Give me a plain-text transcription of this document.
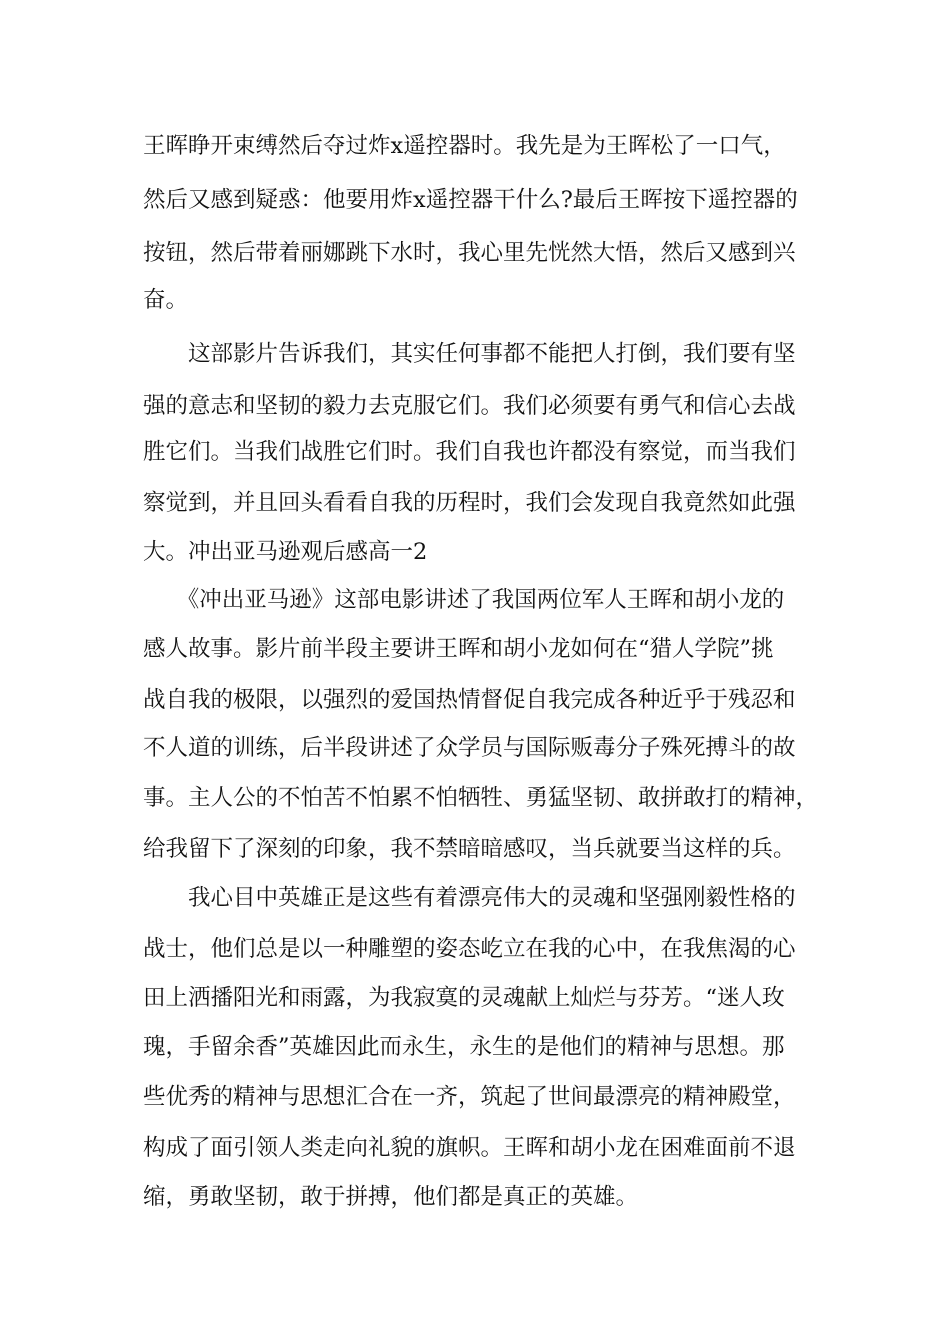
王晖睁开束缚然后夺过炸x遥控器时。我先是为王晖松了一口气，
然后又感到疑惑：他要用炸x遥控器干什么?最后王晖按下遥控器的
按钮，然后带着丽娜跳下水时，我心里先恍然大悟，然后又感到兴
奋。
　　这部影片告诉我们，其实任何事都不能把人打倒，我们要有坚
强的意志和坚韧的毅力去克服它们。我们必须要有勇气和信心去战
胜它们。当我们战胜它们时。我们自我也许都没有察觉，而当我们
察觉到，并且回头看看自我的历程时，我们会发现自我竟然如此强
大。冲出亚马逊观后感高一2
　　《冲出亚马逊》这部电影讲述了我国两位军人王晖和胡小龙的
感人故事。影片前半段主要讲王晖和胡小龙如何在“猎人学院”挑
战自我的极限，以强烈的爱国热情督促自我完成各种近乎于残忍和
不人道的训练，后半段讲述了众学员与国际贩毒分子殊死搏斗的故
事。主人公的不怕苦不怕累不怕牺牲、勇猛坚韧、敢拼敢打的精神，
给我留下了深刻的印象，我不禁暗暗感叹，当兵就要当这样的兵。
　　我心目中英雄正是这些有着漂亮伟大的灵魂和坚强刚毅性格的
战士，他们总是以一种雕塑的姿态屹立在我的心中，在我焦渴的心
田上洒播阳光和雨露，为我寂寞的灵魂献上灿烂与芬芳。“迷人玫
瑰，手留余香”英雄因此而永生，永生的是他们的精神与思想。那
些优秀的精神与思想汇合在一齐，筑起了世间最漂亮的精神殿堂，
构成了面引领人类走向礼貌的旗帜。王晖和胡小龙在困难面前不退
缩，勇敢坚韧，敢于拼搏，他们都是真正的英雄。
